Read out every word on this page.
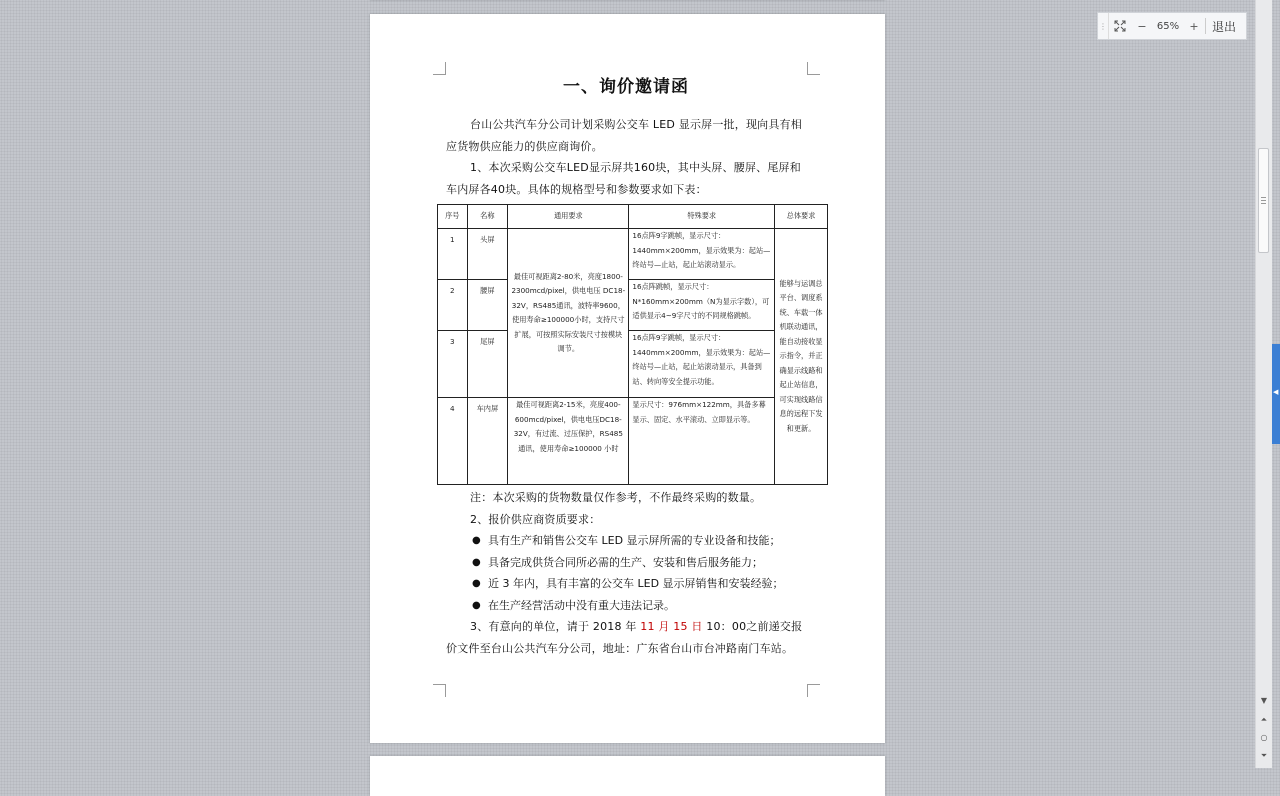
一、询价邀请函

台山公共汽车分公司计划采购公交车 LED 显示屏一批，现向具有相应货物供应能力的供应商询价。

1、本次采购公交车LED显示屏共160块，其中头屏、腰屏、尾屏和车内屏各40块。具体的规格型号和参数要求如下表：

序号	名称	通用要求	特殊要求	总体要求
1	头屏	最佳可视距离2-80米，亮度1800-2300mcd/pixel，供电电压 DC18-32V，RS485通讯，波特率9600，使用寿命≥100000小时，支持尺寸扩展，可按照实际安装尺寸按模块调节。	16点阵9字跳帧，显示尺寸：1440mm×200mm，显示效果为：起站—终站号—止站，起止站滚动显示。	能够与运调总平台、调度系统、车载一体机联动通讯，能自动接收显示指令，并正确显示线路和起止站信息，可实现线路信息的远程下发和更新。
2	腰屏		16点阵跳帧，显示尺寸：N*160mm×200mm（N为显示字数），可适供显示4~9字尺寸的不同规格跳帧。	
3	尾屏		16点阵9字跳帧，显示尺寸：1440mm×200mm，显示效果为：起站—终站号—止站，起止站滚动显示，具备到站、转向等安全提示功能。	
4	车内屏	最佳可视距离2-15米，亮度400-600mcd/pixel，供电电压DC18-32V，有过流、过压保护，RS485通讯，使用寿命≥100000 小时	显示尺寸：976mm×122mm，具备多幕显示、固定、水平滚动、立即显示等。	

注：本次采购的货物数量仅作参考，不作最终采购的数量。

2、报价供应商资质要求：

● 具有生产和销售公交车 LED 显示屏所需的专业设备和技能；
● 具备完成供货合同所必需的生产、安装和售后服务能力；
● 近 3 年内，具有丰富的公交车 LED 显示屏销售和安装经验；
● 在生产经营活动中没有重大违法记录。

3、有意向的单位，请于 2018 年 11 月 15 日 10：00之前递交报价文件至台山公共汽车分公司，地址：广东省台山市台冲路南门车站。

⋮	−	65% +	退出
▼
⏶
○
⏷
◀
